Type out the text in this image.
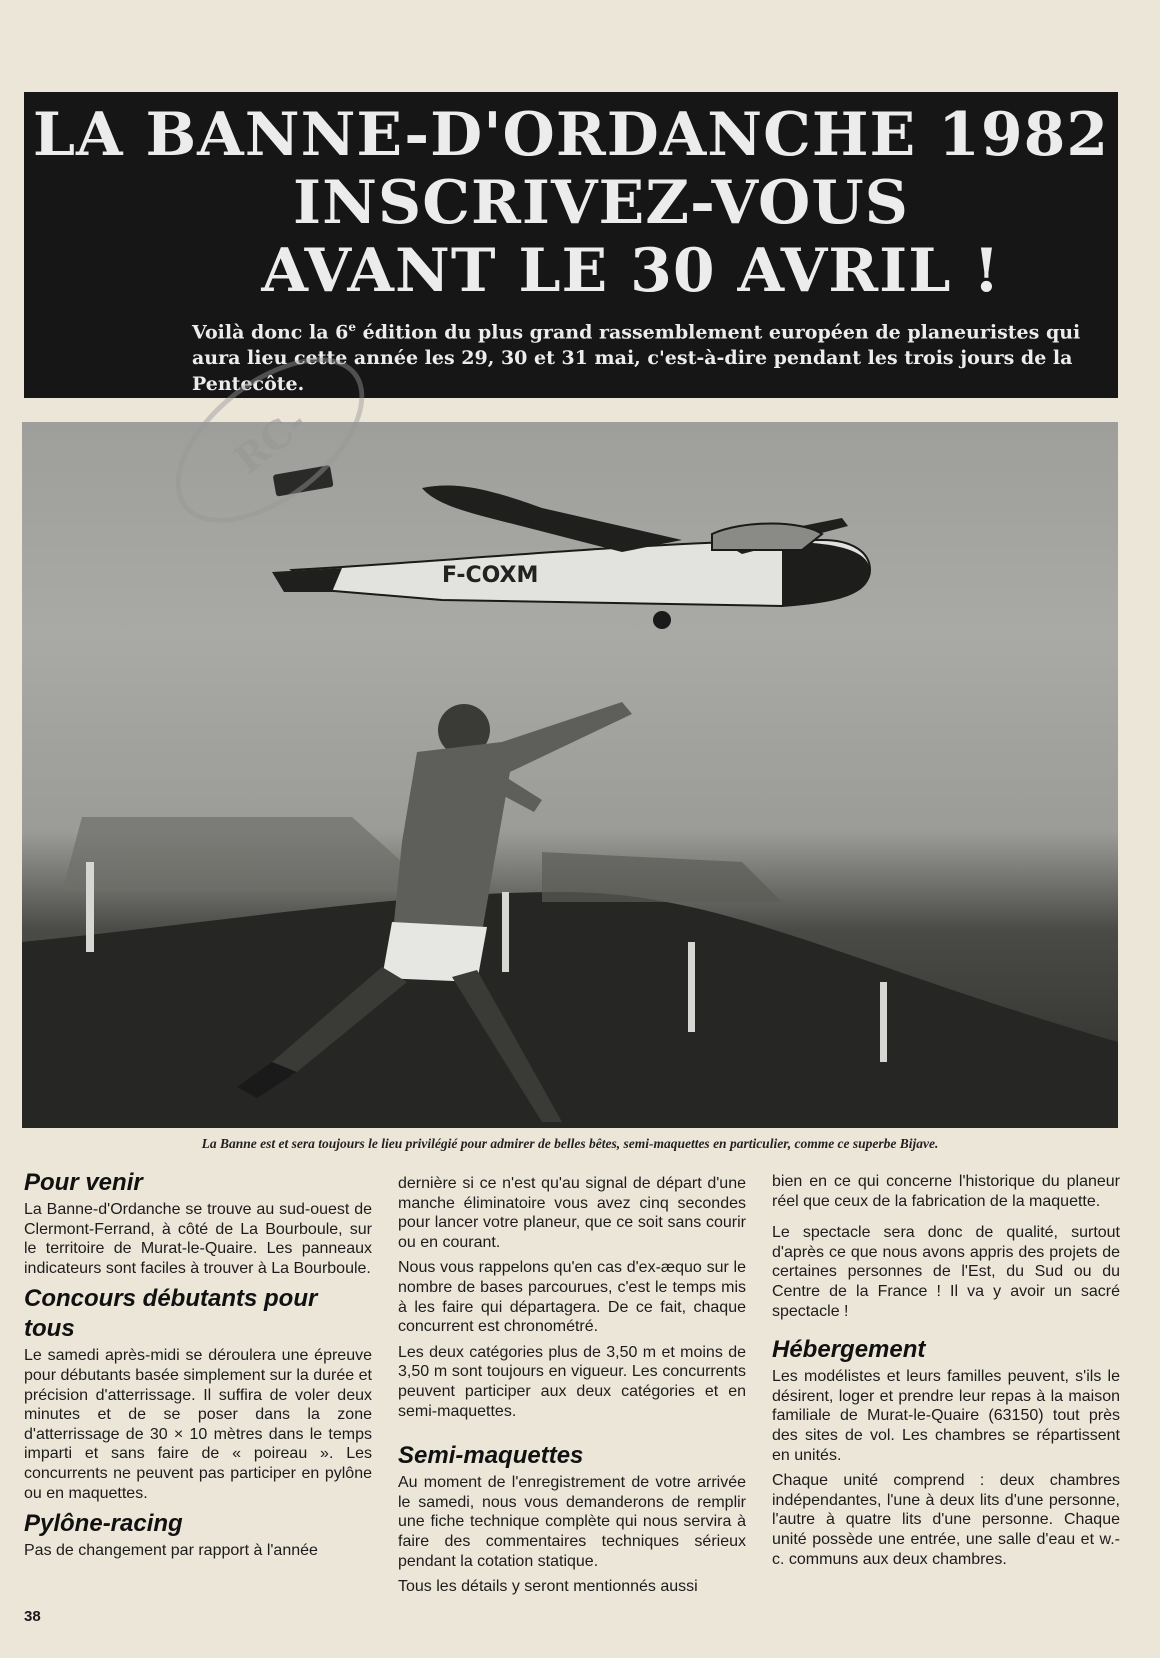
LA BANNE-D'ORDANCHE 1982
INSCRIVEZ-VOUS
AVANT LE 30 AVRIL !
Voilà donc la 6e édition du plus grand rassemblement européen de planeuristes qui aura lieu cette année les 29, 30 et 31 mai, c'est-à-dire pendant les trois jours de la Pentecôte.
RC-
F-COXM
La Banne est et sera toujours le lieu privilégié pour admirer de belles bêtes, semi-maquettes en particulier, comme ce superbe Bijave.
Pour venir

La Banne-d'Ordanche se trouve au sud-ouest de Clermont-Ferrand, à côté de La Bourboule, sur le territoire de Murat-le-Quaire. Les panneaux indicateurs sont faciles à trouver à La Bourboule.

Concours débutants pour tous

Le samedi après-midi se déroulera une épreuve pour débutants basée simplement sur la durée et précision d'atterrissage. Il suffira de voler deux minutes et de se poser dans la zone d'atterrissage de 30 × 10 mètres dans le temps imparti et sans faire de « poireau ». Les concurrents ne peuvent pas participer en pylône ou en maquettes.

Pylône-racing

Pas de changement par rapport à l'année

dernière si ce n'est qu'au signal de départ d'une manche éliminatoire vous avez cinq secondes pour lancer votre planeur, que ce soit sans courir ou en courant.

Nous vous rappelons qu'en cas d'ex-æquo sur le nombre de bases parcourues, c'est le temps mis à les faire qui départagera. De ce fait, chaque concurrent est chronométré.

Les deux catégories plus de 3,50 m et moins de 3,50 m sont toujours en vigueur. Les concurrents peuvent participer aux deux catégories et en semi-maquettes.

Semi-maquettes

Au moment de l'enregistrement de votre arrivée le samedi, nous vous demanderons de remplir une fiche technique complète qui nous servira à faire des commentaires techniques sérieux pendant la cotation statique.

Tous les détails y seront mentionnés aussi

bien en ce qui concerne l'historique du planeur réel que ceux de la fabrication de la maquette.

Le spectacle sera donc de qualité, surtout d'après ce que nous avons appris des projets de certaines personnes de l'Est, du Sud ou du Centre de la France ! Il va y avoir un sacré spectacle !

Hébergement

Les modélistes et leurs familles peuvent, s'ils le désirent, loger et prendre leur repas à la maison familiale de Murat-le-Quaire (63150) tout près des sites de vol. Les chambres se répartissent en unités.

Chaque unité comprend : deux chambres indépendantes, l'une à deux lits d'une personne, l'autre à quatre lits d'une personne. Chaque unité possède une entrée, une salle d'eau et w.-c. communs aux deux chambres.

38
